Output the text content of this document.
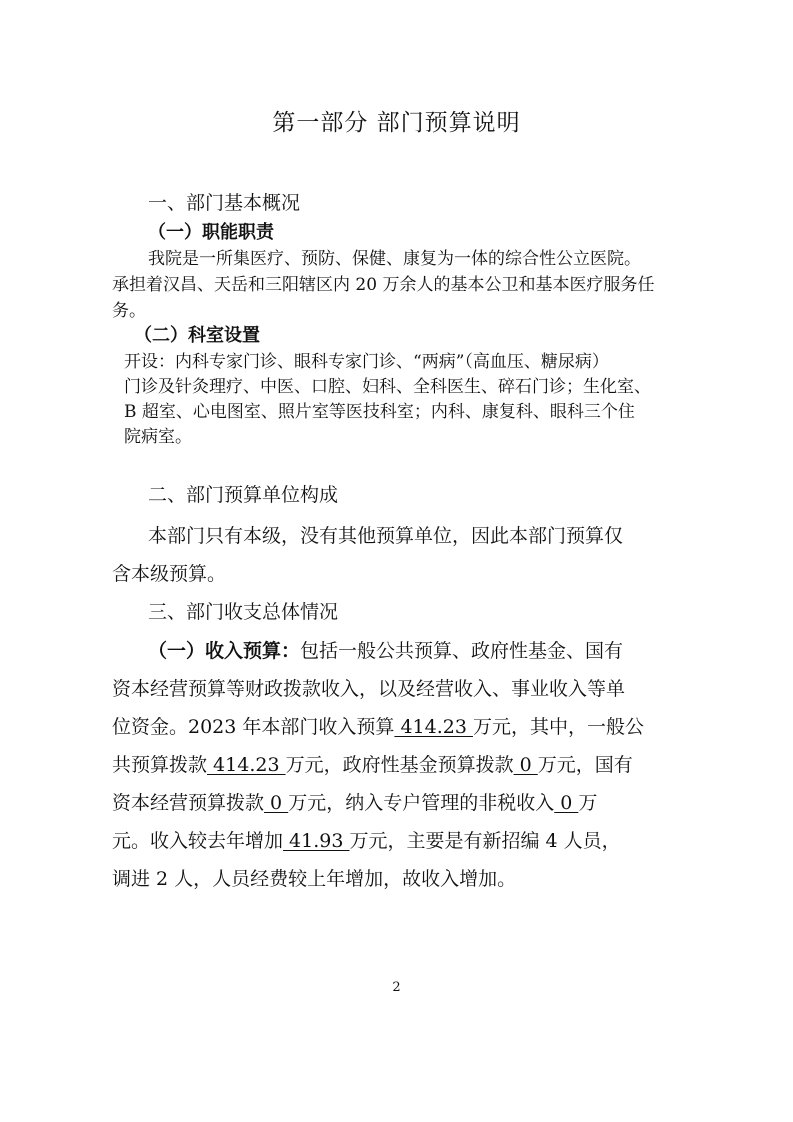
第一部分 部门预算说明
一、部门基本概况
（一）职能职责
我院是一所集医疗、预防、保健、康复为一体的综合性公立医院。
承担着汉昌、天岳和三阳辖区内 20 万余人的基本公卫和基本医疗服务任
务。
（二）科室设置
开设：内科专家门诊、眼科专家门诊、“两病”（高血压、糖尿病）
门诊及针灸理疗、中医、口腔、妇科、全科医生、碎石门诊；生化室、
B 超室、心电图室、照片室等医技科室；内科、康复科、眼科三个住
院病室。
二、部门预算单位构成
本部门只有本级，没有其他预算单位，因此本部门预算仅
含本级预算。
三、部门收支总体情况
（一）收入预算：包括一般公共预算、政府性基金、国有
资本经营预算等财政拨款收入，以及经营收入、事业收入等单
位资金。2023 年本部门收入预算 414.23 万元，其中，一般公
共预算拨款 414.23 万元，政府性基金预算拨款 0 万元，国有
资本经营预算拨款 0 万元，纳入专户管理的非税收入 0 万
元。收入较去年增加 41.93 万元，主要是有新招编 4 人员，
调进 2 人，人员经费较上年增加，故收入增加。
2
